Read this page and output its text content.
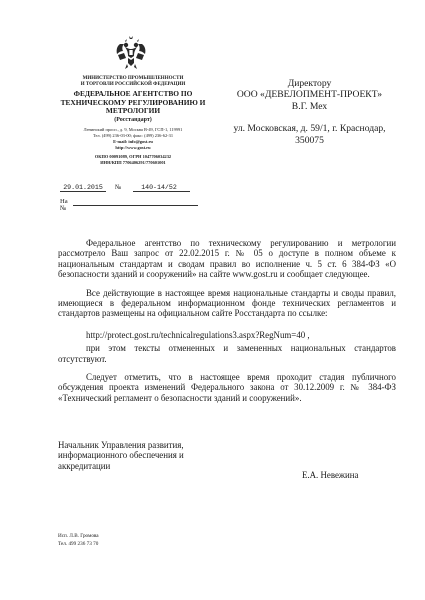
МИНИСТЕРСТВО ПРОМЫШЛЕННОСТИ
И ТОРГОВЛИ РОССИЙСКОЙ ФЕДЕРАЦИИ
ФЕДЕРАЛЬНОЕ АГЕНТСТВО ПО
ТЕХНИЧЕСКОМУ РЕГУЛИРОВАНИЮ И
МЕТРОЛОГИИ
(Росстандарт)
Ленинский просп., д. 9, Москва В-49, ГСП-1, 119991
Тел. (499) 236-03-00; факс: (499) 236-62-31
E-mail: info@gost.ru
http://www.gost.ru
ОКПО 00091089, ОГРН 1047706034232
ИНН/КПП 7706406291/770601001
29.01.2015	№	140-14/52
На №
Директору
ООО «ДЕВЕЛОПМЕНТ-ПРОЕКТ»
В.Г. Мех
ул. Московская, д. 59/1, г. Краснодар,
350075

Федеральное агентство по техническому регулированию и метрологии рассмотрело Ваш запрос от 22.02.2015 г. № 05 о доступе в полном объеме к национальным стандартам и сводам правил во исполнение ч. 5 ст. 6 384-ФЗ «О безопасности зданий и сооружений» на сайте www.gost.ru и сообщает следующее.

Все действующие в настоящее время национальные стандарты и своды правил, имеющиеся в федеральном информационном фонде технических регламентов и стандартов размещены на официальном сайте Росстандарта по ссылке:

http://protect.gost.ru/technicalregulations3.aspx?RegNum=40 ,

при этом тексты отмененных и замененных национальных стандартов отсутствуют.

Следует отметить, что в настоящее время проходит стадия публичного обсуждения проекта изменений Федерального закона от 30.12.2009 г. № 384-ФЗ «Технический регламент о безопасности зданий и сооружений».

Начальник Управления развития,
информационного обеспечения и
аккредитации
Е.А. Невежина
Исп. Л.В. Громова
Тел. 499 236 73 70
